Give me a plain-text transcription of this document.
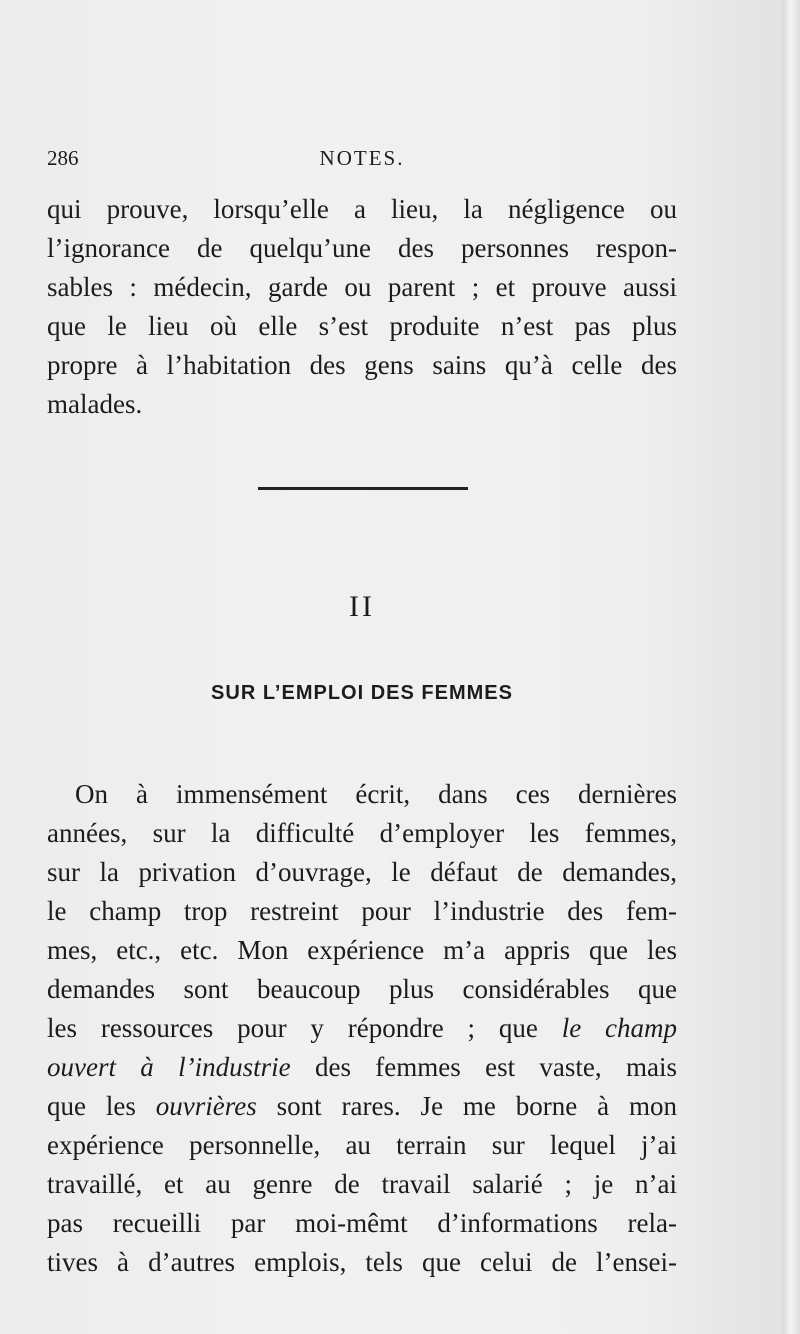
286	NOTES.
qui prouve, lorsqu’elle a lieu, la négligence ou
l’ignorance de quelqu’une des personnes respon-
sables : médecin, garde ou parent ; et prouve aussi
que le lieu où elle s’est produite n’est pas plus
propre à l’habitation des gens sains qu’à celle des
malades.
II
SUR L’EMPLOI DES FEMMES
On à immensément écrit, dans ces dernières
années, sur la difficulté d’employer les femmes,
sur la privation d’ouvrage, le défaut de demandes,
le champ trop restreint pour l’industrie des fem-
mes, etc., etc. Mon expérience m’a appris que les
demandes sont beaucoup plus considérables que
les ressources pour y répondre ; que le champ
ouvert à l’industrie des femmes est vaste, mais
que les ouvrières sont rares. Je me borne à mon
expérience personnelle, au terrain sur lequel j’ai
travaillé, et au genre de travail salarié ; je n’ai
pas recueilli par moi-mêmt d’informations rela-
tives à d’autres emplois, tels que celui de l’ensei-
